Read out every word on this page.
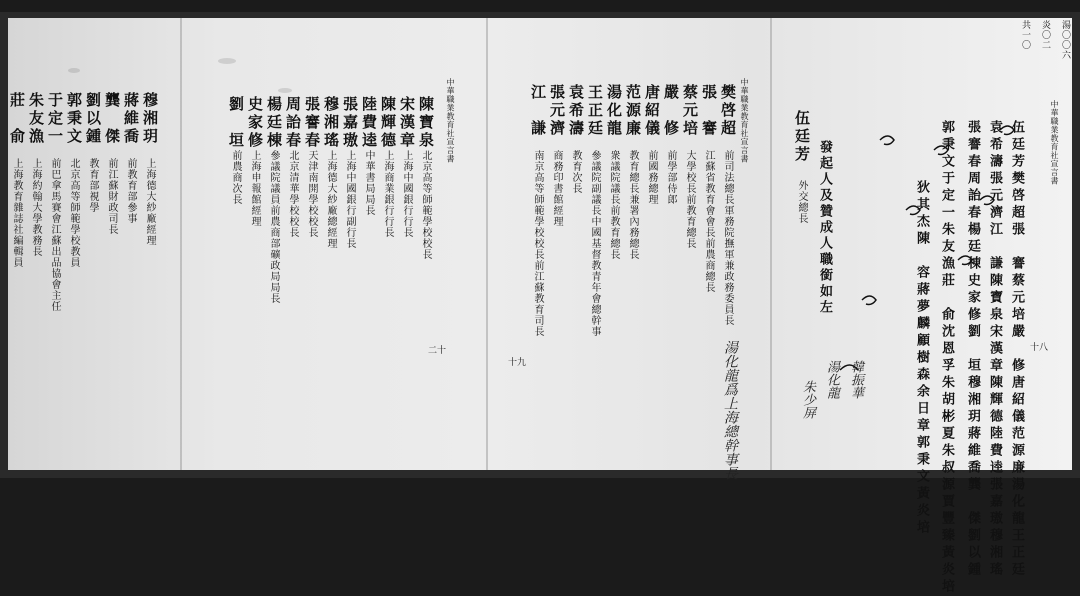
中華職業教育社宣言書
二十
中華職業教育社宣言書
十九
中華職業教育社宣言書
十八
湯〇〇六
炎〇二
共一〇
伍廷芳樊啓超張　謇蔡元培嚴　修唐紹儀范源廉湯化龍王正廷
袁希濤張元濟江　謙陳寶泉宋漢章陳輝德陸費逵張嘉璈穆湘瑤
張謇春周詒春楊廷棟史家修劉　垣穆湘玥蔣維喬龔　傑劉以鍾
郭秉文于定一朱友漁莊　俞沈恩孚朱胡彬夏朱叔源賈豐臻黃炎培
狄其杰陳　容蔣夢麟顧樹森余日章郭秉文黃炎培
發起人及贊成人職銜如左
伍廷芳
外交總長
湯化龍爲上海總幹事長	湯化龍
朱少屏
韓振華
穆湘玥
上海德大紗廠經理
蔣維喬
前教育部參事
龔　傑
前江蘇財政司長
劉以鍾
教育部視學
郭秉文
北京高等師範學校教員
于定一
前巴拿馬賽會江蘇出品協會主任
朱友漁
上海約翰大學教務長
莊　俞
上海教育雜誌社編輯員
陳寶泉
北京高等師範學校校長
宋漢章
上海中國銀行行長
陳輝德
上海商業銀行行長
陸費逵
中華書局局長
張嘉璈
上海中國銀行副行長
穆湘瑤
上海德大紗廠總經理
張謇春
天津南開學校校長
周詒春
北京清華學校校長
楊廷棟
參議院議員前農商部礦政局局長
史家修
上海申報館經理
劉　垣
前農商次長
樊啓超
前司法總長軍務院撫軍兼政務委員長
張　謇
江蘇省教育會會長前農商總長
蔡元培
大學校長前教育總長
嚴　修
前學部侍郎
唐紹儀
前國務總理
范源廉
教育總長兼署內務總長
湯化龍
衆議院議長前教育總長
王正廷
參議院副議長中國基督教青年會總幹事
袁希濤
教育次長
張元濟
商務印書館經理
江　謙
南京高等師範學校校長前江蘇教育司長
